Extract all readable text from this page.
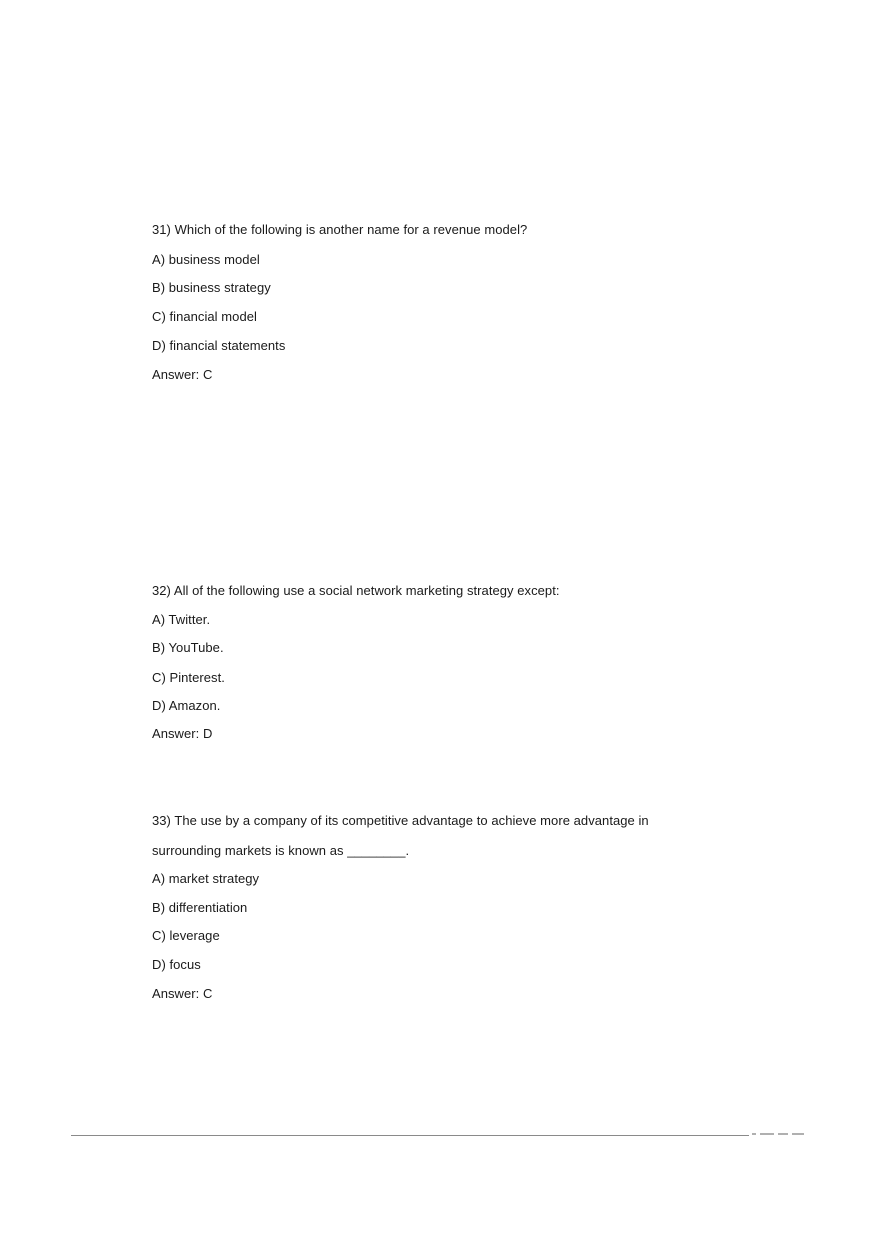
31) Which of the following is another name for a revenue model?
A) business model
B) business strategy
C) financial model
D) financial statements
Answer: C
32) All of the following use a social network marketing strategy except:
A) Twitter.
B) YouTube.
C) Pinterest.
D) Amazon.
Answer: D
33) The use by a company of its competitive advantage to achieve more advantage in
surrounding markets is known as ________.
A) market strategy
B) differentiation
C) leverage
D) focus
Answer: C
